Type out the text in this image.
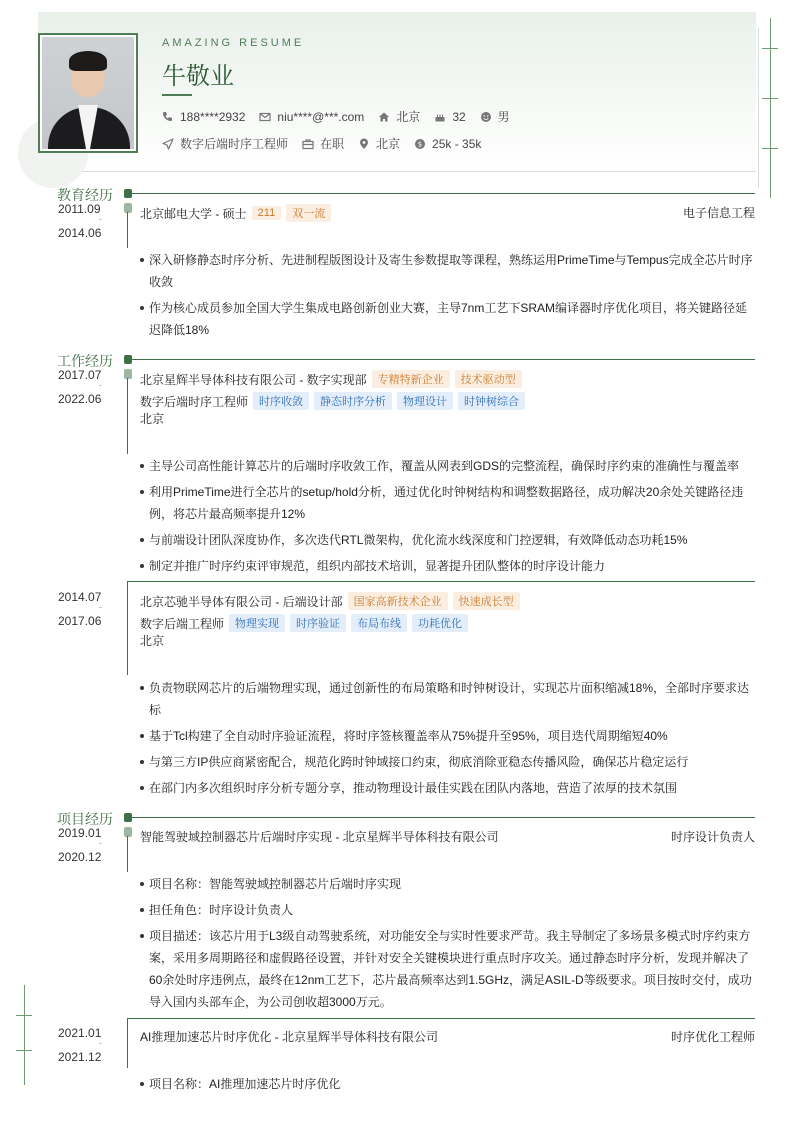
AMAZING RESUME
牛敬业
188****2932	niu****@***.com	北京	32	男
数字后端时序工程师	在职	北京	$ 25k - 35k
教育经历
2011.09
-
2014.06
北京邮电大学 - 硕士	211	双一流	电子信息工程
深入研修静态时序分析、先进制程版图设计及寄生参数提取等课程，熟练运用PrimeTime与Tempus完成全芯片时序收敛
作为核心成员参加全国大学生集成电路创新创业大赛，主导7nm工艺下SRAM编译器时序优化项目，将关键路径延迟降低18%
工作经历
2017.07
-
2022.06
北京星辉半导体科技有限公司 - 数字实现部	专精特新企业	技术驱动型
数字后端时序工程师	时序收敛	静态时序分析	物理设计	时钟树综合
北京
主导公司高性能计算芯片的后端时序收敛工作，覆盖从网表到GDS的完整流程，确保时序约束的准确性与覆盖率
利用PrimeTime进行全芯片的setup/hold分析，通过优化时钟树结构和调整数据路径，成功解决20余处关键路径违例，将芯片最高频率提升12%
与前端设计团队深度协作，多次迭代RTL微架构，优化流水线深度和门控逻辑，有效降低动态功耗15%
制定并推广时序约束评审规范，组织内部技术培训，显著提升团队整体的时序设计能力
2014.07
-
2017.06
北京芯驰半导体有限公司 - 后端设计部	国家高新技术企业	快速成长型
数字后端工程师	物理实现	时序验证	布局布线	功耗优化
北京
负责物联网芯片的后端物理实现，通过创新性的布局策略和时钟树设计，实现芯片面积缩减18%，全部时序要求达标
基于Tcl构建了全自动时序验证流程，将时序签核覆盖率从75%提升至95%，项目迭代周期缩短40%
与第三方IP供应商紧密配合，规范化跨时钟域接口约束，彻底消除亚稳态传播风险，确保芯片稳定运行
在部门内多次组织时序分析专题分享，推动物理设计最佳实践在团队内落地，营造了浓厚的技术氛围
项目经历
2019.01
-
2020.12
智能驾驶域控制器芯片后端时序实现 - 北京星辉半导体科技有限公司	时序设计负责人
项目名称：智能驾驶域控制器芯片后端时序实现
担任角色：时序设计负责人
项目描述：该芯片用于L3级自动驾驶系统，对功能安全与实时性要求严苛。我主导制定了多场景多模式时序约束方案，采用多周期路径和虚假路径设置，并针对安全关键模块进行重点时序攻关。通过静态时序分析，发现并解决了60余处时序违例点，最终在12nm工艺下，芯片最高频率达到1.5GHz，满足ASIL-D等级要求。项目按时交付，成功导入国内头部车企，为公司创收超3000万元。
2021.01
-
2021.12
AI推理加速芯片时序优化 - 北京星辉半导体科技有限公司	时序优化工程师
项目名称：AI推理加速芯片时序优化
